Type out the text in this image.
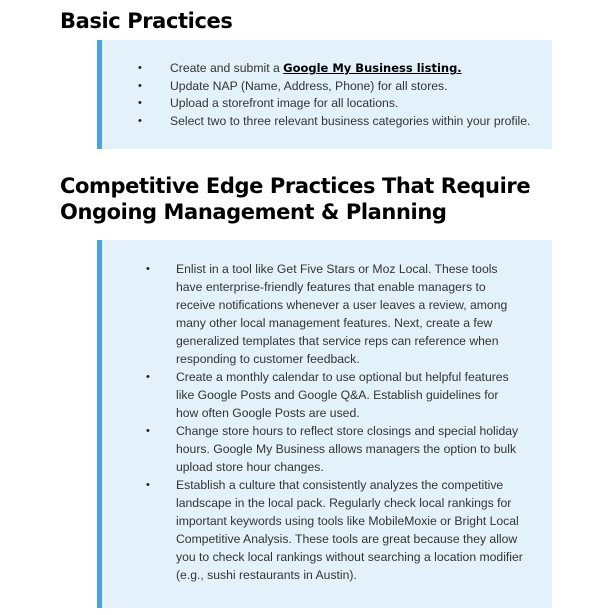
Basic Practices
• Create and submit a Google My Business listing.
• Update NAP (Name, Address, Phone) for all stores.
• Upload a storefront image for all locations.
• Select two to three relevant business categories within your profile.
Competitive Edge Practices That Require Ongoing Management & Planning
• Enlist in a tool like Get Five Stars or Moz Local. These tools have enterprise-friendly features that enable managers to receive notifications whenever a user leaves a review, among many other local management features. Next, create a few generalized templates that service reps can reference when responding to customer feedback.
• Create a monthly calendar to use optional but helpful features like Google Posts and Google Q&A. Establish guidelines for how often Google Posts are used.
• Change store hours to reflect store closings and special holiday hours. Google My Business allows managers the option to bulk upload store hour changes.
• Establish a culture that consistently analyzes the competitive landscape in the local pack. Regularly check local rankings for important keywords using tools like MobileMoxie or Bright Local Competitive Analysis. These tools are great because they allow you to check local rankings without searching a location modifier (e.g., sushi restaurants in Austin).
